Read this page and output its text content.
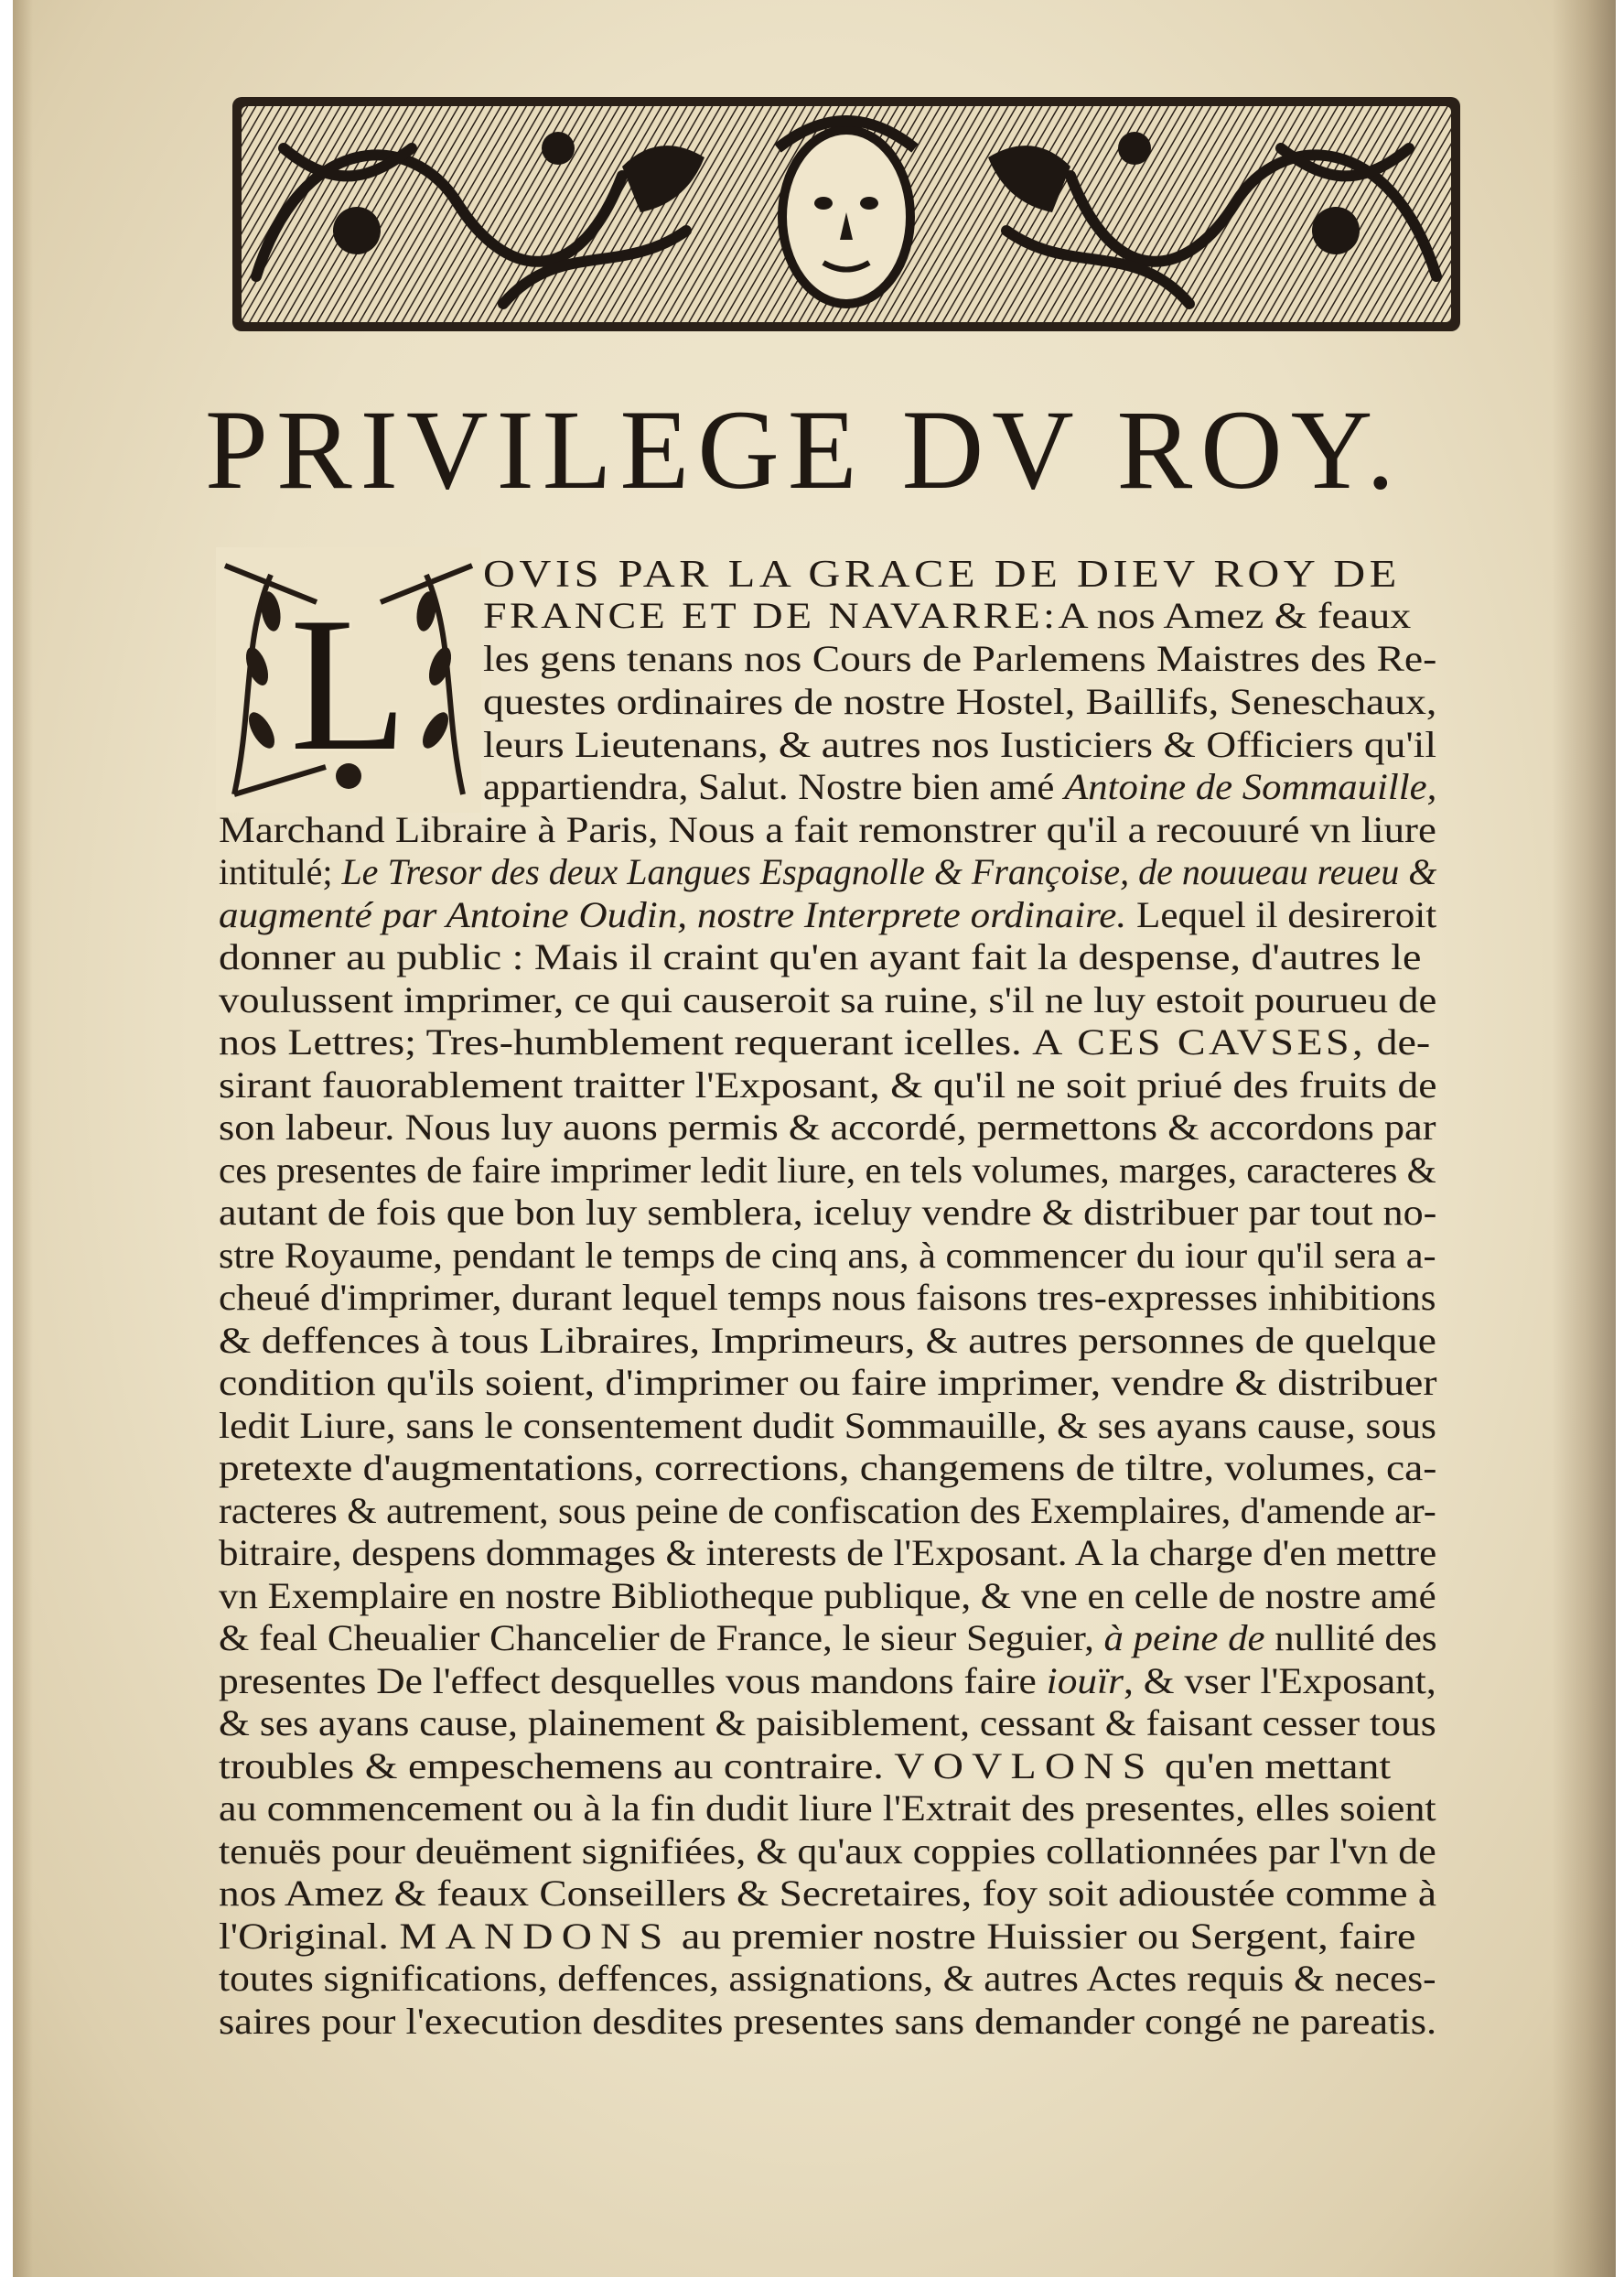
PRIVILEGE DV ROY.
L
OVIS PAR LA GRACE DE DIEV ROY DE
FRANCE ET DE NAVARRE:A nos Amez & feaux
les gens tenans nos Cours de Parlemens Maistres des Re-
questes ordinaires de nostre Hostel, Baillifs, Seneschaux,
leurs Lieutenans, & autres nos Iusticiers & Officiers qu'il
appartiendra, Salut. Nostre bien amé Antoine de Sommauille,
Marchand Libraire à Paris, Nous a fait remonstrer qu'il a recouuré vn liure
intitulé; Le Tresor des deux Langues Espagnolle & Françoise, de nouueau reueu &
augmenté par Antoine Oudin, nostre Interprete ordinaire. Lequel il desireroit
donner au public : Mais il craint qu'en ayant fait la despense, d'autres le
voulussent imprimer, ce qui causeroit sa ruine, s'il ne luy estoit pourueu de
nos Lettres; Tres-humblement requerant icelles. A CES CAVSES, de-
sirant fauorablement traitter l'Exposant, & qu'il ne soit priué des fruits de
son labeur. Nous luy auons permis & accordé, permettons & accordons par
ces presentes de faire imprimer ledit liure, en tels volumes, marges, caracteres &
autant de fois que bon luy semblera, iceluy vendre & distribuer par tout no-
stre Royaume, pendant le temps de cinq ans, à commencer du iour qu'il sera a-
cheué d'imprimer, durant lequel temps nous faisons tres-expresses inhibitions
& deffences à tous Libraires, Imprimeurs, & autres personnes de quelque
condition qu'ils soient, d'imprimer ou faire imprimer, vendre & distribuer
ledit Liure, sans le consentement dudit Sommauille, & ses ayans cause, sous
pretexte d'augmentations, corrections, changemens de tiltre, volumes, ca-
racteres & autrement, sous peine de confiscation des Exemplaires, d'amende ar-
bitraire, despens dommages & interests de l'Exposant. A la charge d'en mettre
vn Exemplaire en nostre Bibliotheque publique, & vne en celle de nostre amé
& feal Cheualier Chancelier de France, le sieur Seguier, à peine de nullité des
presentes De l'effect desquelles vous mandons faire iouïr, & vser l'Exposant,
& ses ayans cause, plainement & paisiblement, cessant & faisant cesser tous
troubles & empeschemens au contraire. VOVLONS qu'en mettant
au commencement ou à la fin dudit liure l'Extrait des presentes, elles soient
tenuës pour deuëment signifiées, & qu'aux coppies collationnées par l'vn de
nos Amez & feaux Conseillers & Secretaires, foy soit adioustée comme à
l'Original. MANDONS au premier nostre Huissier ou Sergent, faire
toutes significations, deffences, assignations, & autres Actes requis & neces-
saires pour l'execution desdites presentes sans demander congé ne pareatis.
